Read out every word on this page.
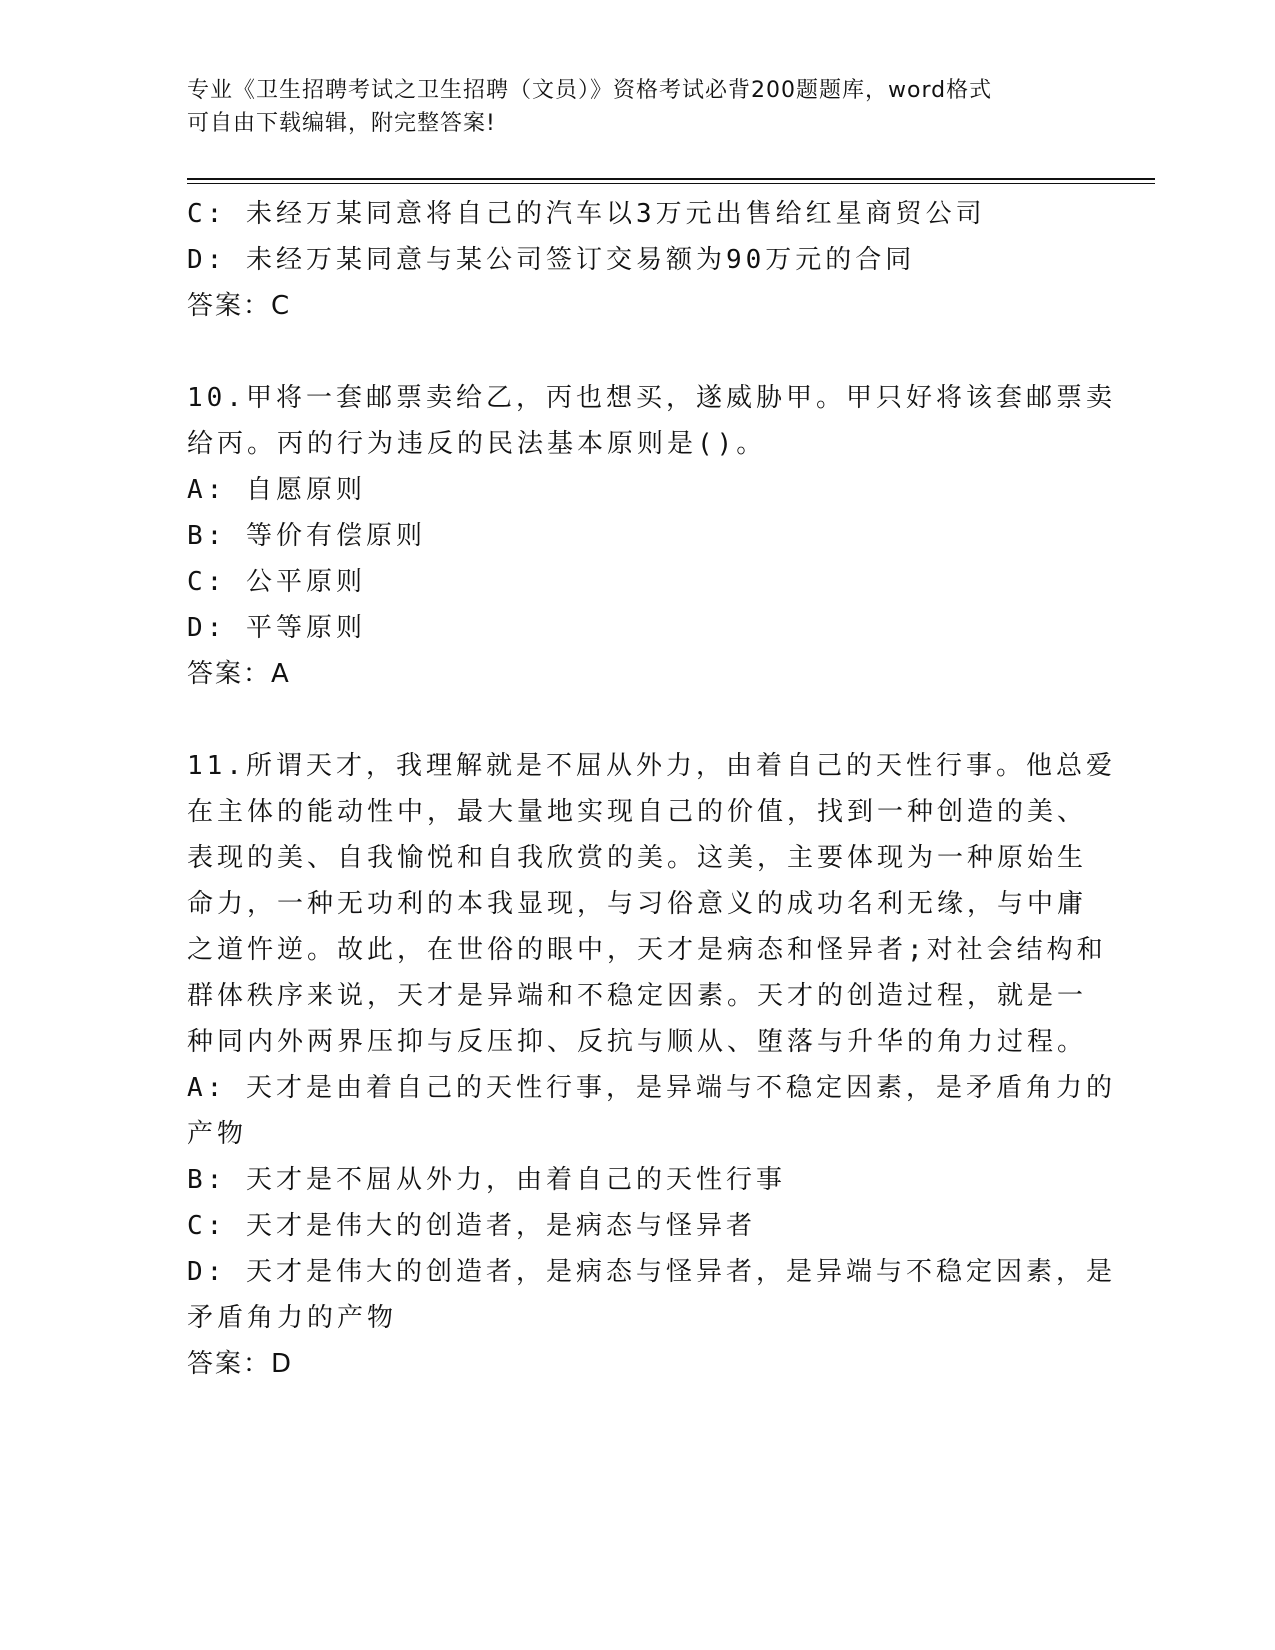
专业《卫生招聘考试之卫生招聘（文员）》资格考试必背200题题库，word格式
可自由下载编辑，附完整答案!
C: 未经万某同意将自己的汽车以3万元出售给红星商贸公司
D: 未经万某同意与某公司签订交易额为90万元的合同
答案：C
10.甲将一套邮票卖给乙，丙也想买，遂威胁甲。甲只好将该套邮票卖
给丙。丙的行为违反的民法基本原则是()。
A: 自愿原则
B: 等价有偿原则
C: 公平原则
D: 平等原则
答案：A
11.所谓天才，我理解就是不屈从外力，由着自己的天性行事。他总爱
在主体的能动性中，最大量地实现自己的价值，找到一种创造的美、
表现的美、自我愉悦和自我欣赏的美。这美，主要体现为一种原始生
命力，一种无功利的本我显现，与习俗意义的成功名利无缘，与中庸
之道忤逆。故此，在世俗的眼中，天才是病态和怪异者;对社会结构和
群体秩序来说，天才是异端和不稳定因素。天才的创造过程，就是一
种同内外两界压抑与反压抑、反抗与顺从、堕落与升华的角力过程。
A: 天才是由着自己的天性行事，是异端与不稳定因素，是矛盾角力的
产物
B: 天才是不屈从外力，由着自己的天性行事
C: 天才是伟大的创造者，是病态与怪异者
D: 天才是伟大的创造者，是病态与怪异者，是异端与不稳定因素，是
矛盾角力的产物
答案：D
